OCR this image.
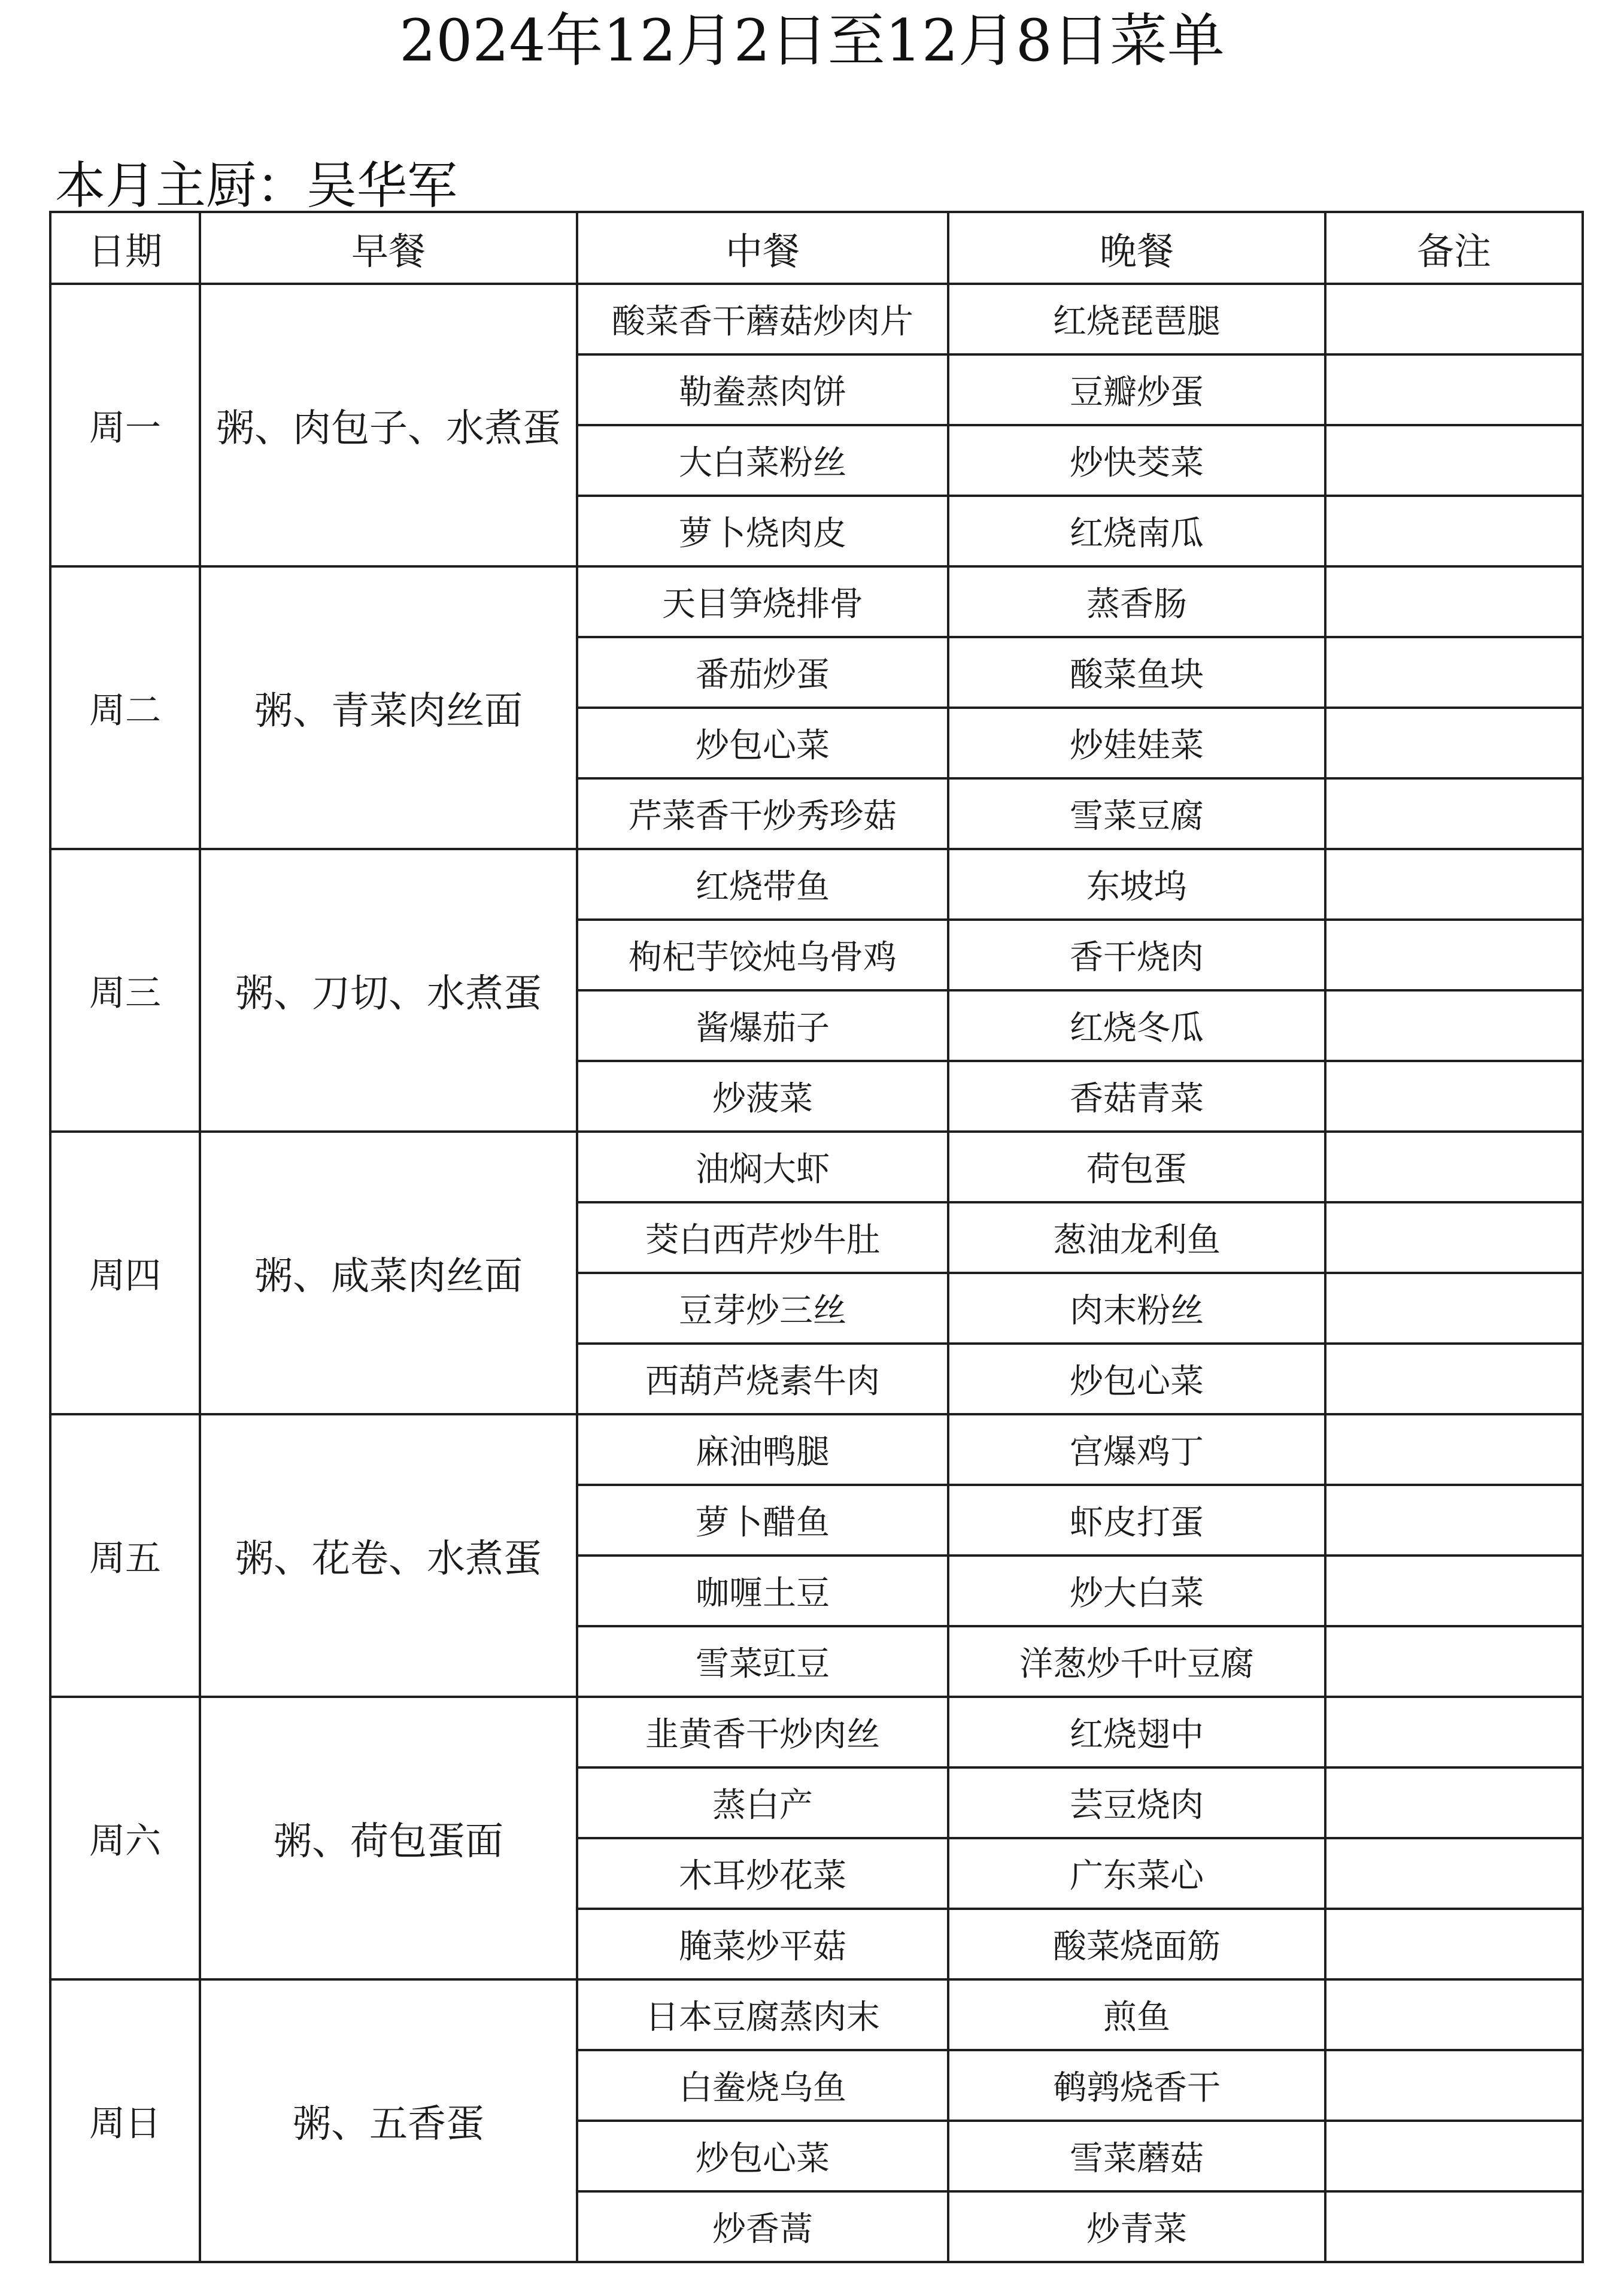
2024年12月2日至12月8日菜单
本月主厨：吴华军
日期	早餐	中餐	晚餐	备注
周一	粥、肉包子、水煮蛋	酸菜香干蘑菇炒肉片	红烧琵琶腿	
		勒鲞蒸肉饼	豆瓣炒蛋	
		大白菜粉丝	炒快茭菜	
		萝卜烧肉皮	红烧南瓜	
周二	粥、青菜肉丝面	天目笋烧排骨	蒸香肠	
		番茄炒蛋	酸菜鱼块	
		炒包心菜	炒娃娃菜	
		芹菜香干炒秀珍菇	雪菜豆腐	
周三	粥、刀切、水煮蛋	红烧带鱼	东坡坞	
		枸杞芋饺炖乌骨鸡	香干烧肉	
		酱爆茄子	红烧冬瓜	
		炒菠菜	香菇青菜	
周四	粥、咸菜肉丝面	油焖大虾	荷包蛋	
		茭白西芹炒牛肚	葱油龙利鱼	
		豆芽炒三丝	肉末粉丝	
		西葫芦烧素牛肉	炒包心菜	
周五	粥、花卷、水煮蛋	麻油鸭腿	宫爆鸡丁	
		萝卜醋鱼	虾皮打蛋	
		咖喱土豆	炒大白菜	
		雪菜豇豆	洋葱炒千叶豆腐	
周六	粥、荷包蛋面	韭黄香干炒肉丝	红烧翅中	
		蒸白产	芸豆烧肉	
		木耳炒花菜	广东菜心	
		腌菜炒平菇	酸菜烧面筋	
周日	粥、五香蛋	日本豆腐蒸肉末	煎鱼	
		白鲞烧乌鱼	鹌鹑烧香干	
		炒包心菜	雪菜蘑菇	
		炒香蒿	炒青菜	
